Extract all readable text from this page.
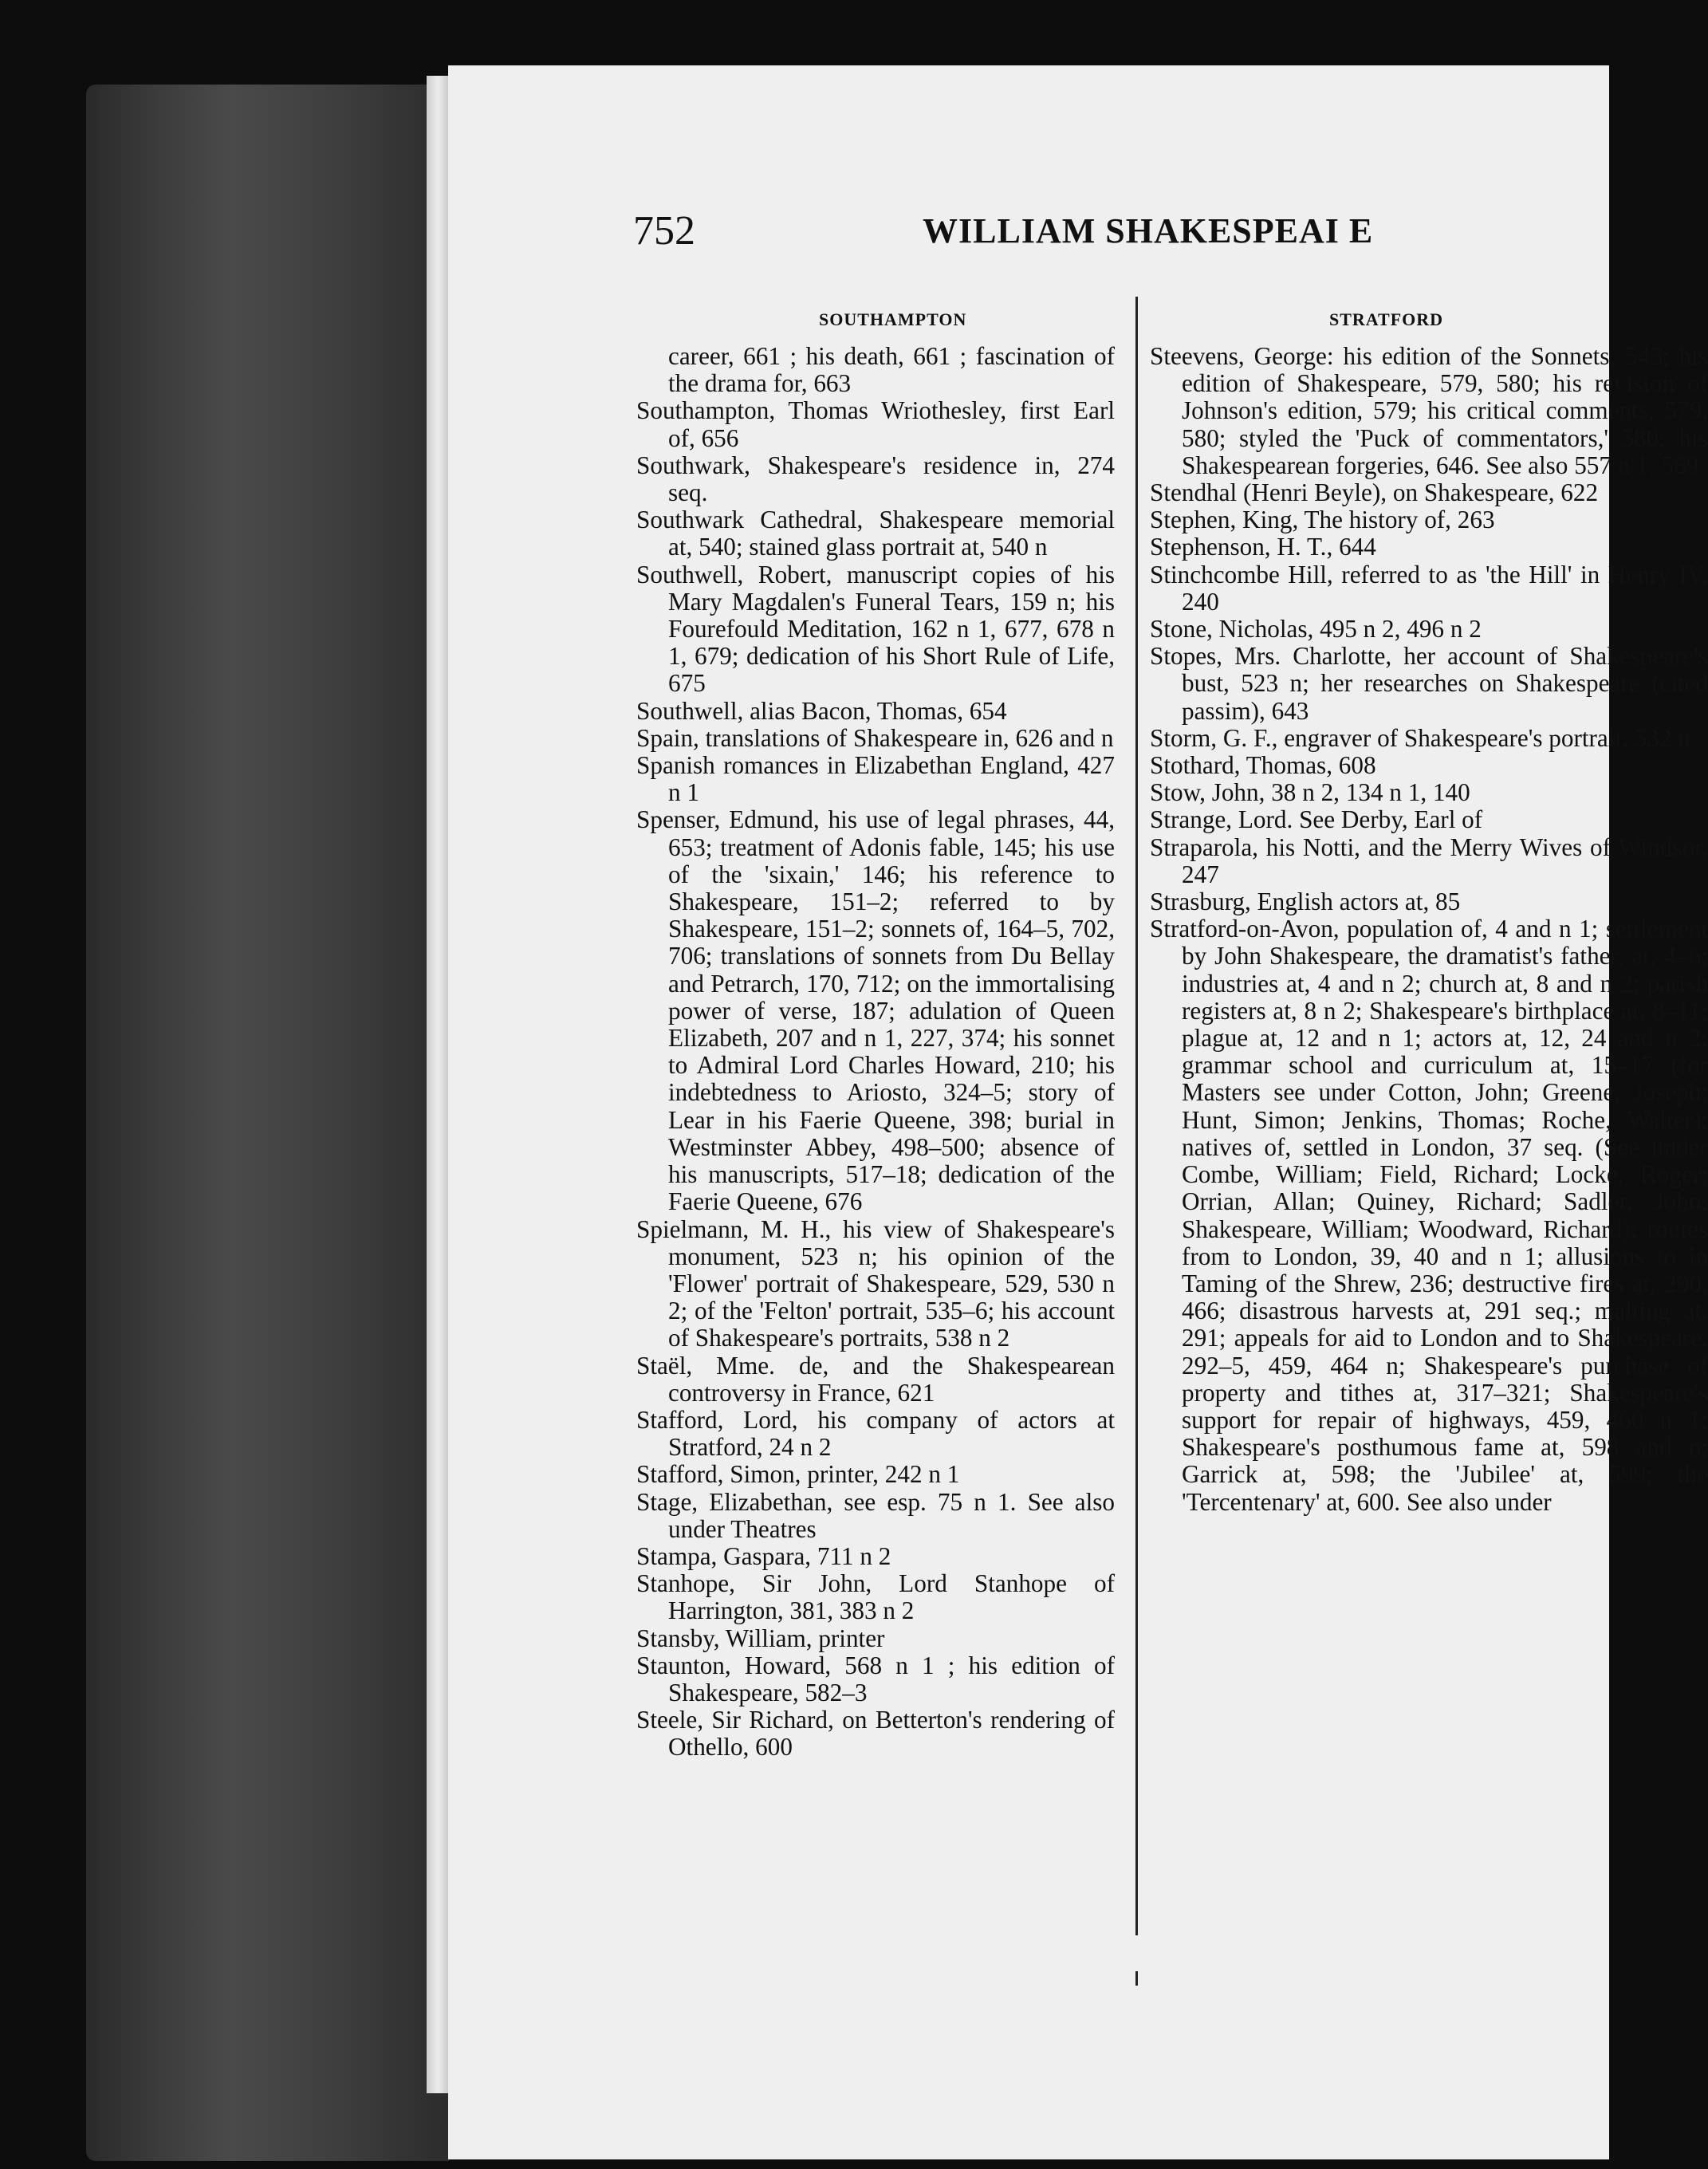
752	WILLIAM SHAKESPEAI E
SOUTHAMPTON	STRATFORD

career, 661 ; his death, 661 ; fascination of the drama for, 663

Southampton, Thomas Wriothesley, first Earl of, 656

Southwark, Shakespeare's residence in, 274 seq.

Southwark Cathedral, Shakespeare memorial at, 540; stained glass portrait at, 540 n

Southwell, Robert, manuscript copies of his Mary Magdalen's Funeral Tears, 159 n; his Fourefould Meditation, 162 n 1, 677, 678 n 1, 679; dedication of his Short Rule of Life, 675

Southwell, alias Bacon, Thomas, 654

Spain, translations of Shakespeare in, 626 and n

Spanish romances in Elizabethan England, 427 n 1

Spenser, Edmund, his use of legal phrases, 44, 653; treatment of Adonis fable, 145; his use of the 'sixain,' 146; his reference to Shakespeare, 151–2; referred to by Shakespeare, 151–2; sonnets of, 164–5, 702, 706; translations of sonnets from Du Bellay and Petrarch, 170, 712; on the immortalising power of verse, 187; adulation of Queen Elizabeth, 207 and n 1, 227, 374; his sonnet to Admiral Lord Charles Howard, 210; his indebtedness to Ariosto, 324–5; story of Lear in his Faerie Queene, 398; burial in Westminster Abbey, 498–500; absence of his manuscripts, 517–18; dedication of the Faerie Queene, 676

Spielmann, M. H., his view of Shakespeare's monument, 523 n; his opinion of the 'Flower' portrait of Shakespeare, 529, 530 n 2; of the 'Felton' portrait, 535–6; his account of Shakespeare's portraits, 538 n 2

Staël, Mme. de, and the Shakespearean controversy in France, 621

Stafford, Lord, his company of actors at Stratford, 24 n 2

Stafford, Simon, printer, 242 n 1

Stage, Elizabethan, see esp. 75 n 1. See also under Theatres

Stampa, Gaspara, 711 n 2

Stanhope, Sir John, Lord Stanhope of Harrington, 381, 383 n 2

Stansby, William, printer

Staunton, Howard, 568 n 1 ; his edition of Shakespeare, 582–3

Steele, Sir Richard, on Betterton's rendering of Othello, 600

Steevens, George: his edition of the Sonnets, 543; his edition of Shakespeare, 579, 580; his revision of Johnson's edition, 579; his critical comments, 579, 580; styled the 'Puck of commentators,' 580; his Shakespearean forgeries, 646. See also 557 n 1, 569

Stendhal (Henri Beyle), on Shakespeare, 622

Stephen, King, The history of, 263

Stephenson, H. T., 644

Stinchcombe Hill, referred to as 'the Hill' in Henry IV, 240

Stone, Nicholas, 495 n 2, 496 n 2

Stopes, Mrs. Charlotte, her account of Shakespeare's bust, 523 n; her researches on Shakespeare (cited passim), 643

Storm, G. F., engraver of Shakespeare's portrait, 532 n

Stothard, Thomas, 608

Stow, John, 38 n 2, 134 n 1, 140

Strange, Lord. See Derby, Earl of

Straparola, his Notti, and the Merry Wives of Windsor, 247

Strasburg, English actors at, 85

Stratford-on-Avon, population of, 4 and n 1; settlement by John Shakespeare, the dramatist's father, at, 4–6; industries at, 4 and n 2; church at, 8 and n 2; parish registers at, 8 n 2; Shakespeare's birthplace at, 8–11; plague at, 12 and n 1; actors at, 12, 24 and n 2; grammar school and curriculum at, 15–17 (for Masters see under Cotton, John; Greene, Joseph; Hunt, Simon; Jenkins, Thomas; Roche, Walter); natives of, settled in London, 37 seq. (See under Combe, William; Field, Richard; Locke, Roger; Orrian, Allan; Quiney, Richard; Sadler, John; Shakespeare, William; Woodward, Richard); routes from to London, 39, 40 and n 1; allusions to in Taming of the Shrew, 236; destructive fires at, 290, 466; disastrous harvests at, 291 seq.; malting at, 291; appeals for aid to London and to Shakespeare, 292–5, 459, 464 n; Shakespeare's purchase of property and tithes at, 317–321; Shakespeare's support for repair of highways, 459, 460 n 1; Shakespeare's posthumous fame at, 598 and n; Garrick at, 598; the 'Jubilee' at, 599; the 'Tercentenary' at, 600. See also under
